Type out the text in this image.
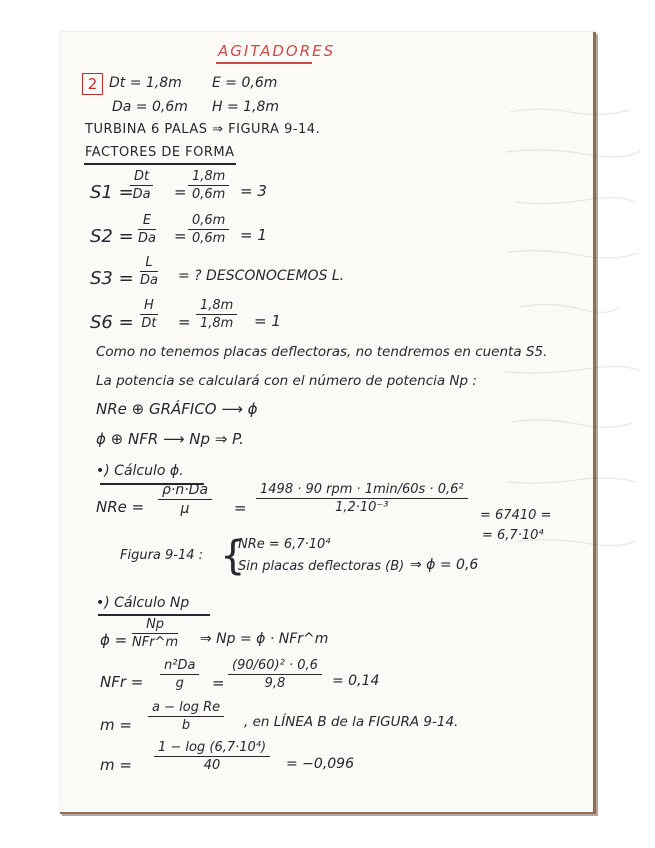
AGITADORES
2 Dt = 1,8m E = 0,6m
Da = 0,6m H = 1,8m
TURBINA 6 PALAS ⇒ FIGURA 9-14.
FACTORES DE FORMA
S1 =
$\frac{Dt}{Da} = \frac{1,8m}{0,6m} = 3$
$S2 = \frac{E}{Da} = \frac{0,6m}{0,6m} = 1$
$S3 = \frac{L}{Da}$ = ? DESCONOCEMOS L.
$S6 = \frac{H}{Dt} = \frac{1,8m}{1,8m} = 1$
Como no tenemos placas deflectoras, no tendremos en cuenta S5.
La potencia se calculará con el número de potencia Np :
NRe ⊕ GRÁFICO ⟶ ϕ
ϕ ⊕ NFR ⟶ Np ⇒ P.
•) Cálculo ϕ.
NRe = $\frac{\rho\cdot n\cdot Da}{\mu}$ =
1498 · 90 rpm · 1min/60s · 0,6²
1,2·10⁻³
= 67410 =
= 6,7·10⁴
Figura 9-14 : {
NRe = 6,7·10⁴
Sin placas deflectoras (B) ⇒ ϕ = 0,6
•) Cálculo Np
ϕ =
Np
NFr^m ⇒ Np = ϕ · NFr^m
NFr = $\frac{\text{n²Da}}{g} = \frac{\text{(90/60)² · 0,6}}{9,8} = 0,14$
$m = \frac{\text{a − log Re}}{b}$ , en LÍNEA B de la FIGURA 9-14.
$m = \frac{\text{1 − log (6,7·10⁴)}}{40} = -0,096$
